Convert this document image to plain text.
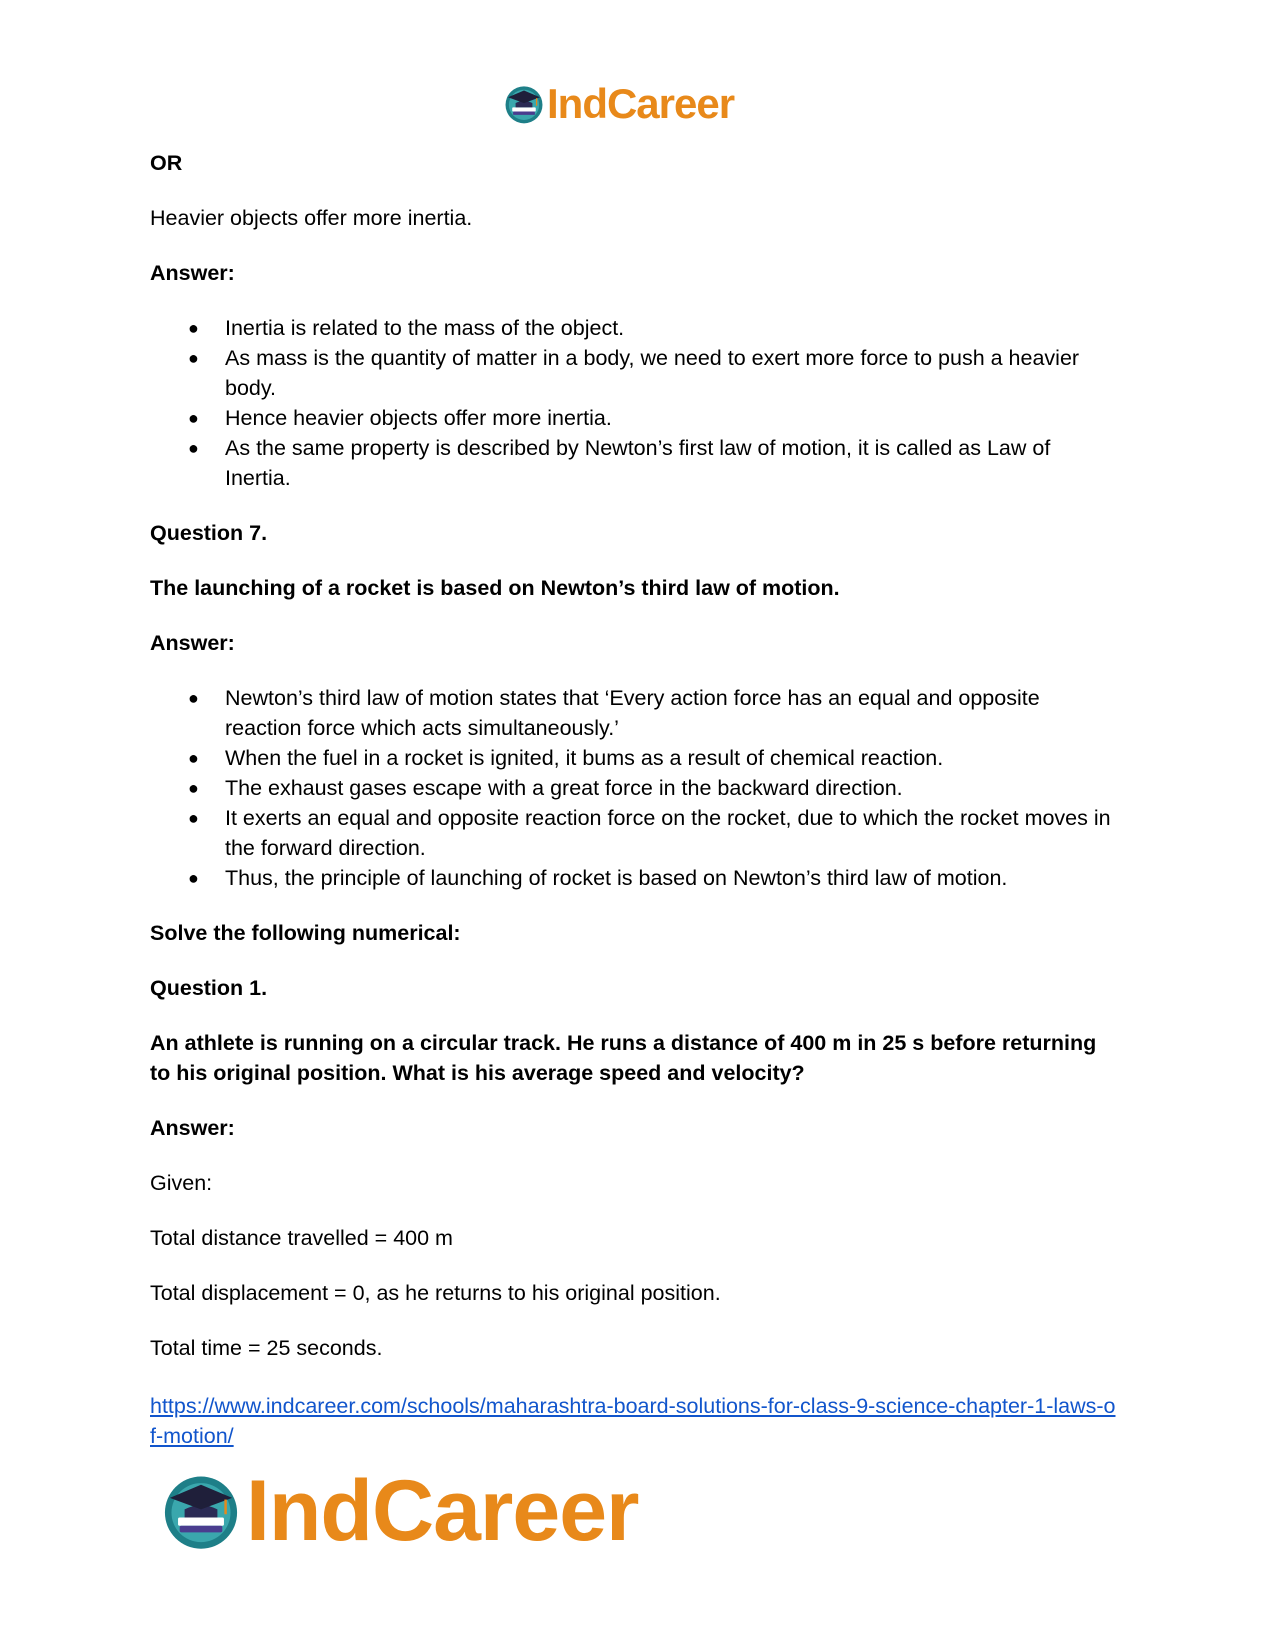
IndCareer

OR

Heavier objects offer more inertia.

Answer:

● Inertia is related to the mass of the object.
● As mass is the quantity of matter in a body, we need to exert more force to push a heavier body.
● Hence heavier objects offer more inertia.
● As the same property is described by Newton’s first law of motion, it is called as Law of Inertia.

Question 7.

The launching of a rocket is based on Newton’s third law of motion.

Answer:

● Newton’s third law of motion states that ‘Every action force has an equal and opposite reaction force which acts simultaneously.’
● When the fuel in a rocket is ignited, it bums as a result of chemical reaction.
● The exhaust gases escape with a great force in the backward direction.
● It exerts an equal and opposite reaction force on the rocket, due to which the rocket moves in the forward direction.
● Thus, the principle of launching of rocket is based on Newton’s third law of motion.

Solve the following numerical:

Question 1.

An athlete is running on a circular track. He runs a distance of 400 m in 25 s before returning to his original position. What is his average speed and velocity?

Answer:

Given:

Total distance travelled = 400 m

Total displacement = 0, as he returns to his original position.

Total time = 25 seconds.

https://www.indcareer.com/schools/maharashtra-board-solutions-for-class-9-science-chapter-1-laws-of-motion/

IndCareer
